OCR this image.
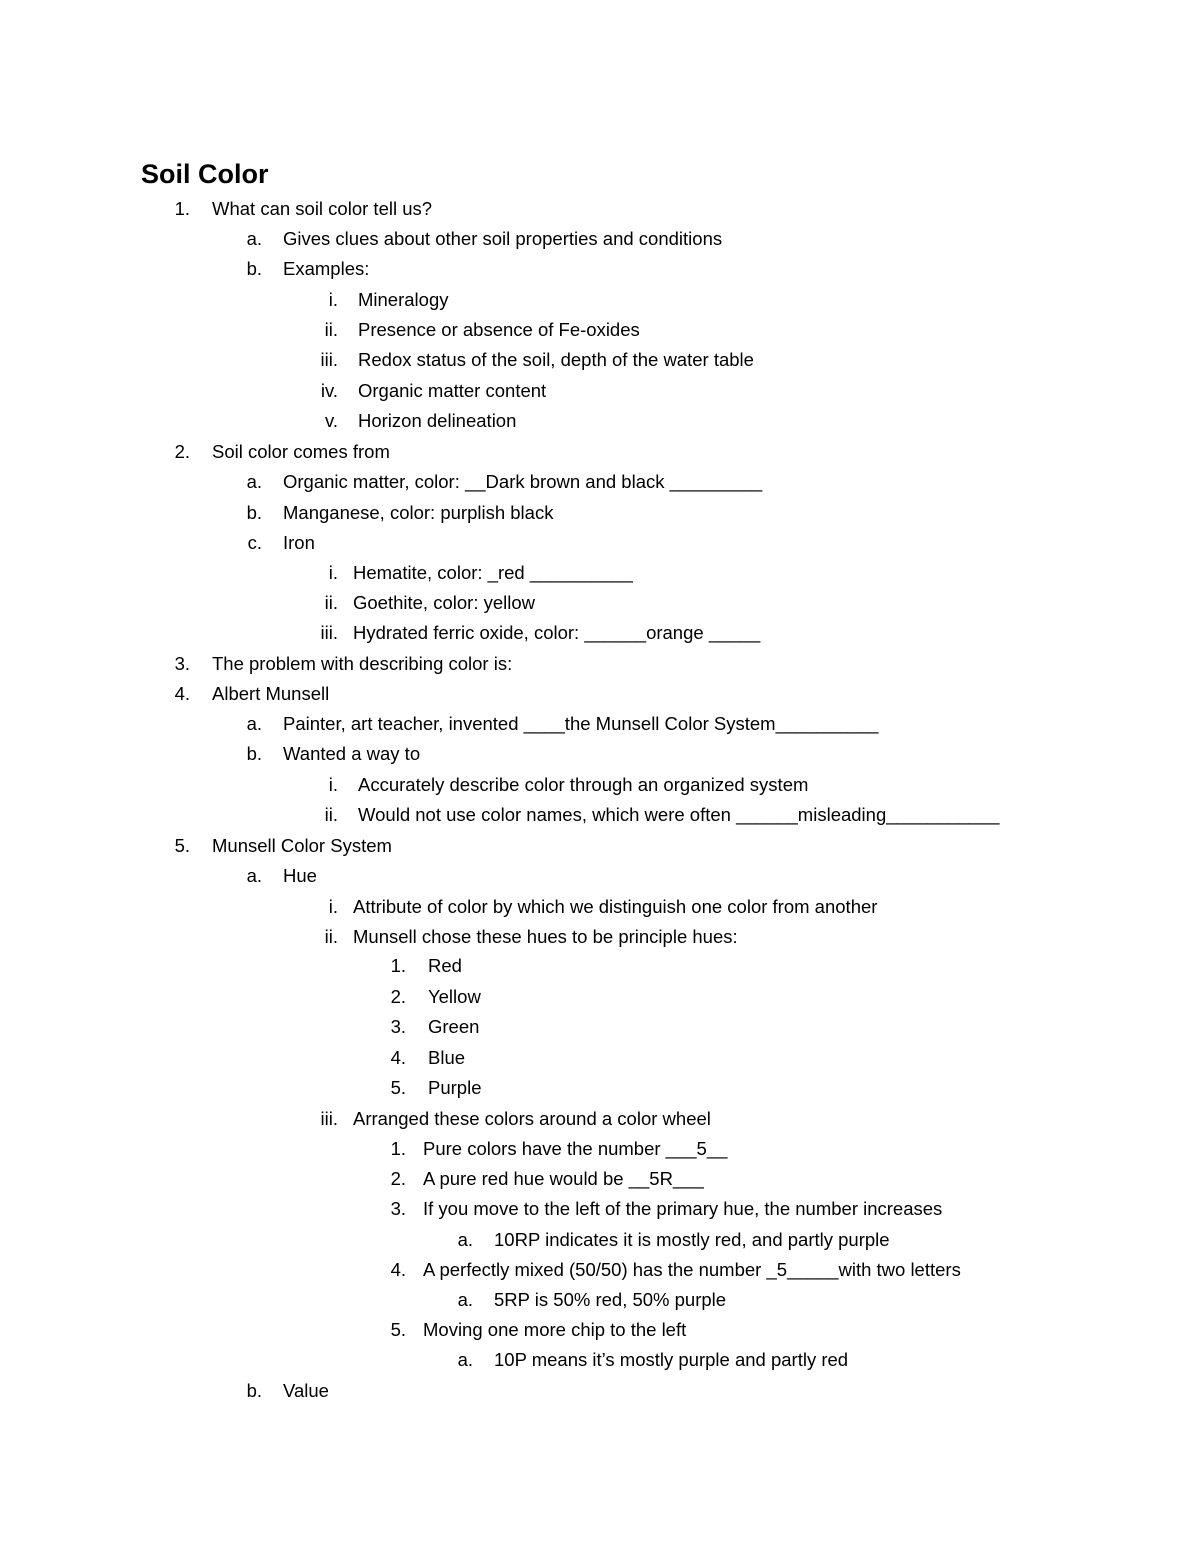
Soil Color
1. What can soil color tell us?
a. Gives clues about other soil properties and conditions
b. Examples:
i. Mineralogy
ii. Presence or absence of Fe-oxides
iii. Redox status of the soil, depth of the water table
iv. Organic matter content
v. Horizon delineation
2. Soil color comes from
a. Organic matter, color: __Dark brown and black _________
b. Manganese, color: purplish black
c. Iron
i. Hematite, color: _red __________
ii. Goethite, color: yellow
iii. Hydrated ferric oxide, color: ______orange _____
3. The problem with describing color is:
4. Albert Munsell
a. Painter, art teacher, invented ____the Munsell Color System__________
b. Wanted a way to
i. Accurately describe color through an organized system
ii. Would not use color names, which were often ______misleading___________
5. Munsell Color System
a. Hue
i. Attribute of color by which we distinguish one color from another
ii. Munsell chose these hues to be principle hues:
1. Red
2. Yellow
3. Green
4. Blue
5. Purple
iii. Arranged these colors around a color wheel
1. Pure colors have the number ___5__
2. A pure red hue would be __5R___
3. If you move to the left of the primary hue, the number increases
a. 10RP indicates it is mostly red, and partly purple
4. A perfectly mixed (50/50) has the number _5_____with two letters
a. 5RP is 50% red, 50% purple
5. Moving one more chip to the left
a. 10P means it’s mostly purple and partly red
b. Value
